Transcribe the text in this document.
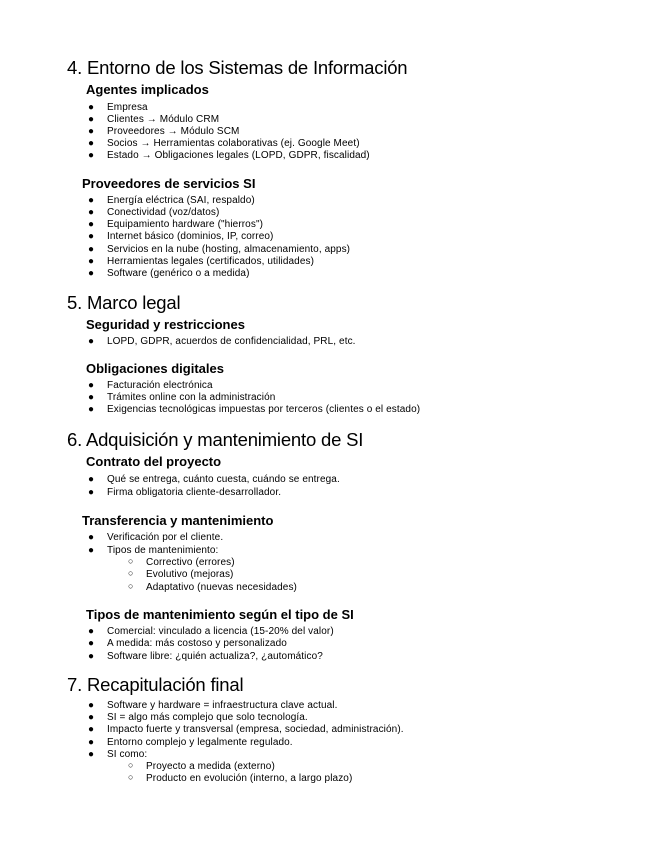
4. Entorno de los Sistemas de Información
Agentes implicados
● Empresa
● Clientes → Módulo CRM
● Proveedores → Módulo SCM
● Socios → Herramientas colaborativas (ej. Google Meet)
● Estado → Obligaciones legales (LOPD, GDPR, fiscalidad)
Proveedores de servicios SI
● Energía eléctrica (SAI, respaldo)
● Conectividad (voz/datos)
● Equipamiento hardware ("hierros")
● Internet básico (dominios, IP, correo)
● Servicios en la nube (hosting, almacenamiento, apps)
● Herramientas legales (certificados, utilidades)
● Software (genérico o a medida)
5. Marco legal
Seguridad y restricciones
● LOPD, GDPR, acuerdos de confidencialidad, PRL, etc.
Obligaciones digitales
● Facturación electrónica
● Trámites online con la administración
● Exigencias tecnológicas impuestas por terceros (clientes o el estado)
6. Adquisición y mantenimiento de SI
Contrato del proyecto
● Qué se entrega, cuánto cuesta, cuándo se entrega.
● Firma obligatoria cliente-desarrollador.
Transferencia y mantenimiento
● Verificación por el cliente.
● Tipos de mantenimiento:
○ Correctivo (errores)
○ Evolutivo (mejoras)
○ Adaptativo (nuevas necesidades)
Tipos de mantenimiento según el tipo de SI
● Comercial: vinculado a licencia (15-20% del valor)
● A medida: más costoso y personalizado
● Software libre: ¿quién actualiza?, ¿automático?
7. Recapitulación final
● Software y hardware = infraestructura clave actual.
● SI = algo más complejo que solo tecnología.
● Impacto fuerte y transversal (empresa, sociedad, administración).
● Entorno complejo y legalmente regulado.
● SI como:
○ Proyecto a medida (externo)
○ Producto en evolución (interno, a largo plazo)
